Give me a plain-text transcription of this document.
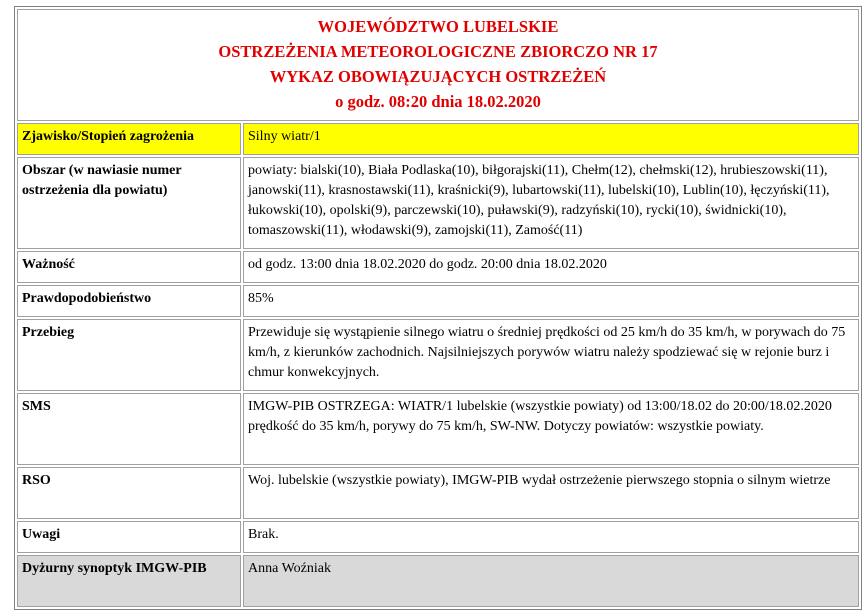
WOJEWÓDZTWO LUBELSKIE
OSTRZEŻENIA METEOROLOGICZNE ZBIORCZO NR 17
WYKAZ OBOWIĄZUJĄCYCH OSTRZEŻEŃ
o godz. 08:20 dnia 18.02.2020	

Zjawisko/Stopień zagrożenia	Silny wiatr/1
Obszar (w nawiasie numer ostrzeżenia dla powiatu)	powiaty: bialski(10), Biała Podlaska(10), biłgorajski(11), Chełm(12), chełmski(12), hrubieszowski(11), janowski(11), krasnostawski(11), kraśnicki(9), lubartowski(11), lubelski(10), Lublin(10), łęczyński(11), łukowski(10), opolski(9), parczewski(10), puławski(9), radzyński(10), rycki(10), świdnicki(10), tomaszowski(11), włodawski(9), zamojski(11), Zamość(11)
Ważność	od godz. 13:00 dnia 18.02.2020 do godz. 20:00 dnia 18.02.2020
Prawdopodobieństwo	85%
Przebieg	Przewiduje się wystąpienie silnego wiatru o średniej prędkości od 25 km/h do 35 km/h, w porywach do 75 km/h, z kierunków zachodnich. Najsilniejszych porywów wiatru należy spodziewać się w rejonie burz i chmur konwekcyjnych.
SMS	IMGW-PIB OSTRZEGA: WIATR/1 lubelskie (wszystkie powiaty) od 13:00/18.02 do 20:00/18.02.2020 prędkość do 35 km/h, porywy do 75 km/h, SW-NW. Dotyczy powiatów: wszystkie powiaty.
RSO	Woj. lubelskie (wszystkie powiaty), IMGW-PIB wydał ostrzeżenie pierwszego stopnia o silnym wietrze
Uwagi	Brak.
Dyżurny synoptyk IMGW-PIB	Anna Woźniak
